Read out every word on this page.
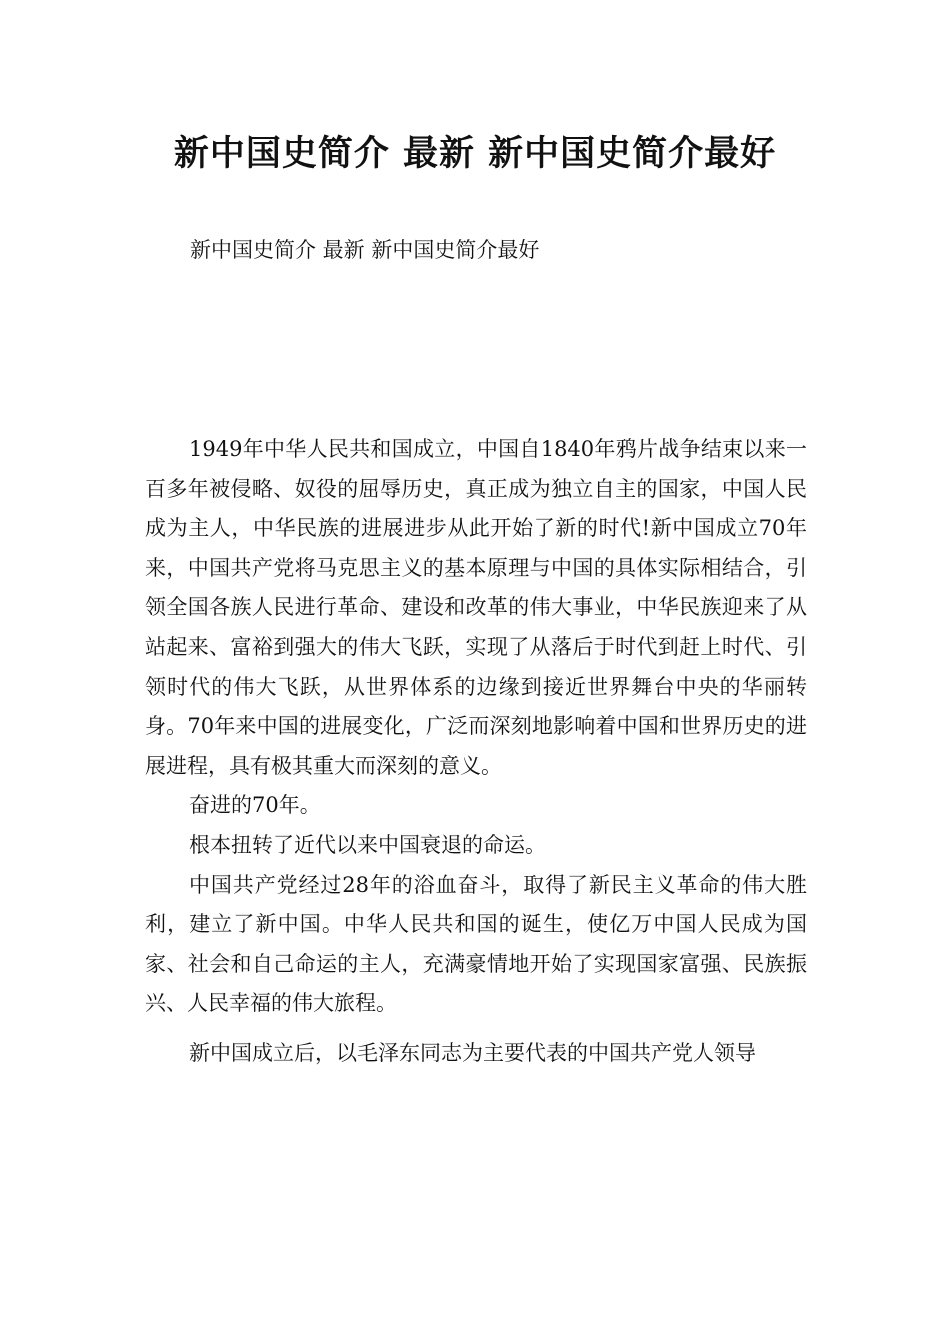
新中国史简介 最新 新中国史简介最好

新中国史简介 最新 新中国史简介最好

1949年中华人民共和国成立，中国自1840年鸦片战争结束以来一百多年被侵略、奴役的屈辱历史，真正成为独立自主的国家，中国人民成为主人，中华民族的进展进步从此开始了新的时代!新中国成立70年来，中国共产党将马克思主义的基本原理与中国的具体实际相结合，引领全国各族人民进行革命、建设和改革的伟大事业，中华民族迎来了从站起来、富裕到强大的伟大飞跃，实现了从落后于时代到赶上时代、引领时代的伟大飞跃，从世界体系的边缘到接近世界舞台中央的华丽转身。70年来中国的进展变化，广泛而深刻地影响着中国和世界历史的进展进程，具有极其重大而深刻的意义。

奋进的70年。

根本扭转了近代以来中国衰退的命运。

中国共产党经过28年的浴血奋斗，取得了新民主义革命的伟大胜利，建立了新中国。中华人民共和国的诞生，使亿万中国人民成为国家、社会和自己命运的主人，充满豪情地开始了实现国家富强、民族振兴、人民幸福的伟大旅程。

新中国成立后，以毛泽东同志为主要代表的中国共产党人领导
